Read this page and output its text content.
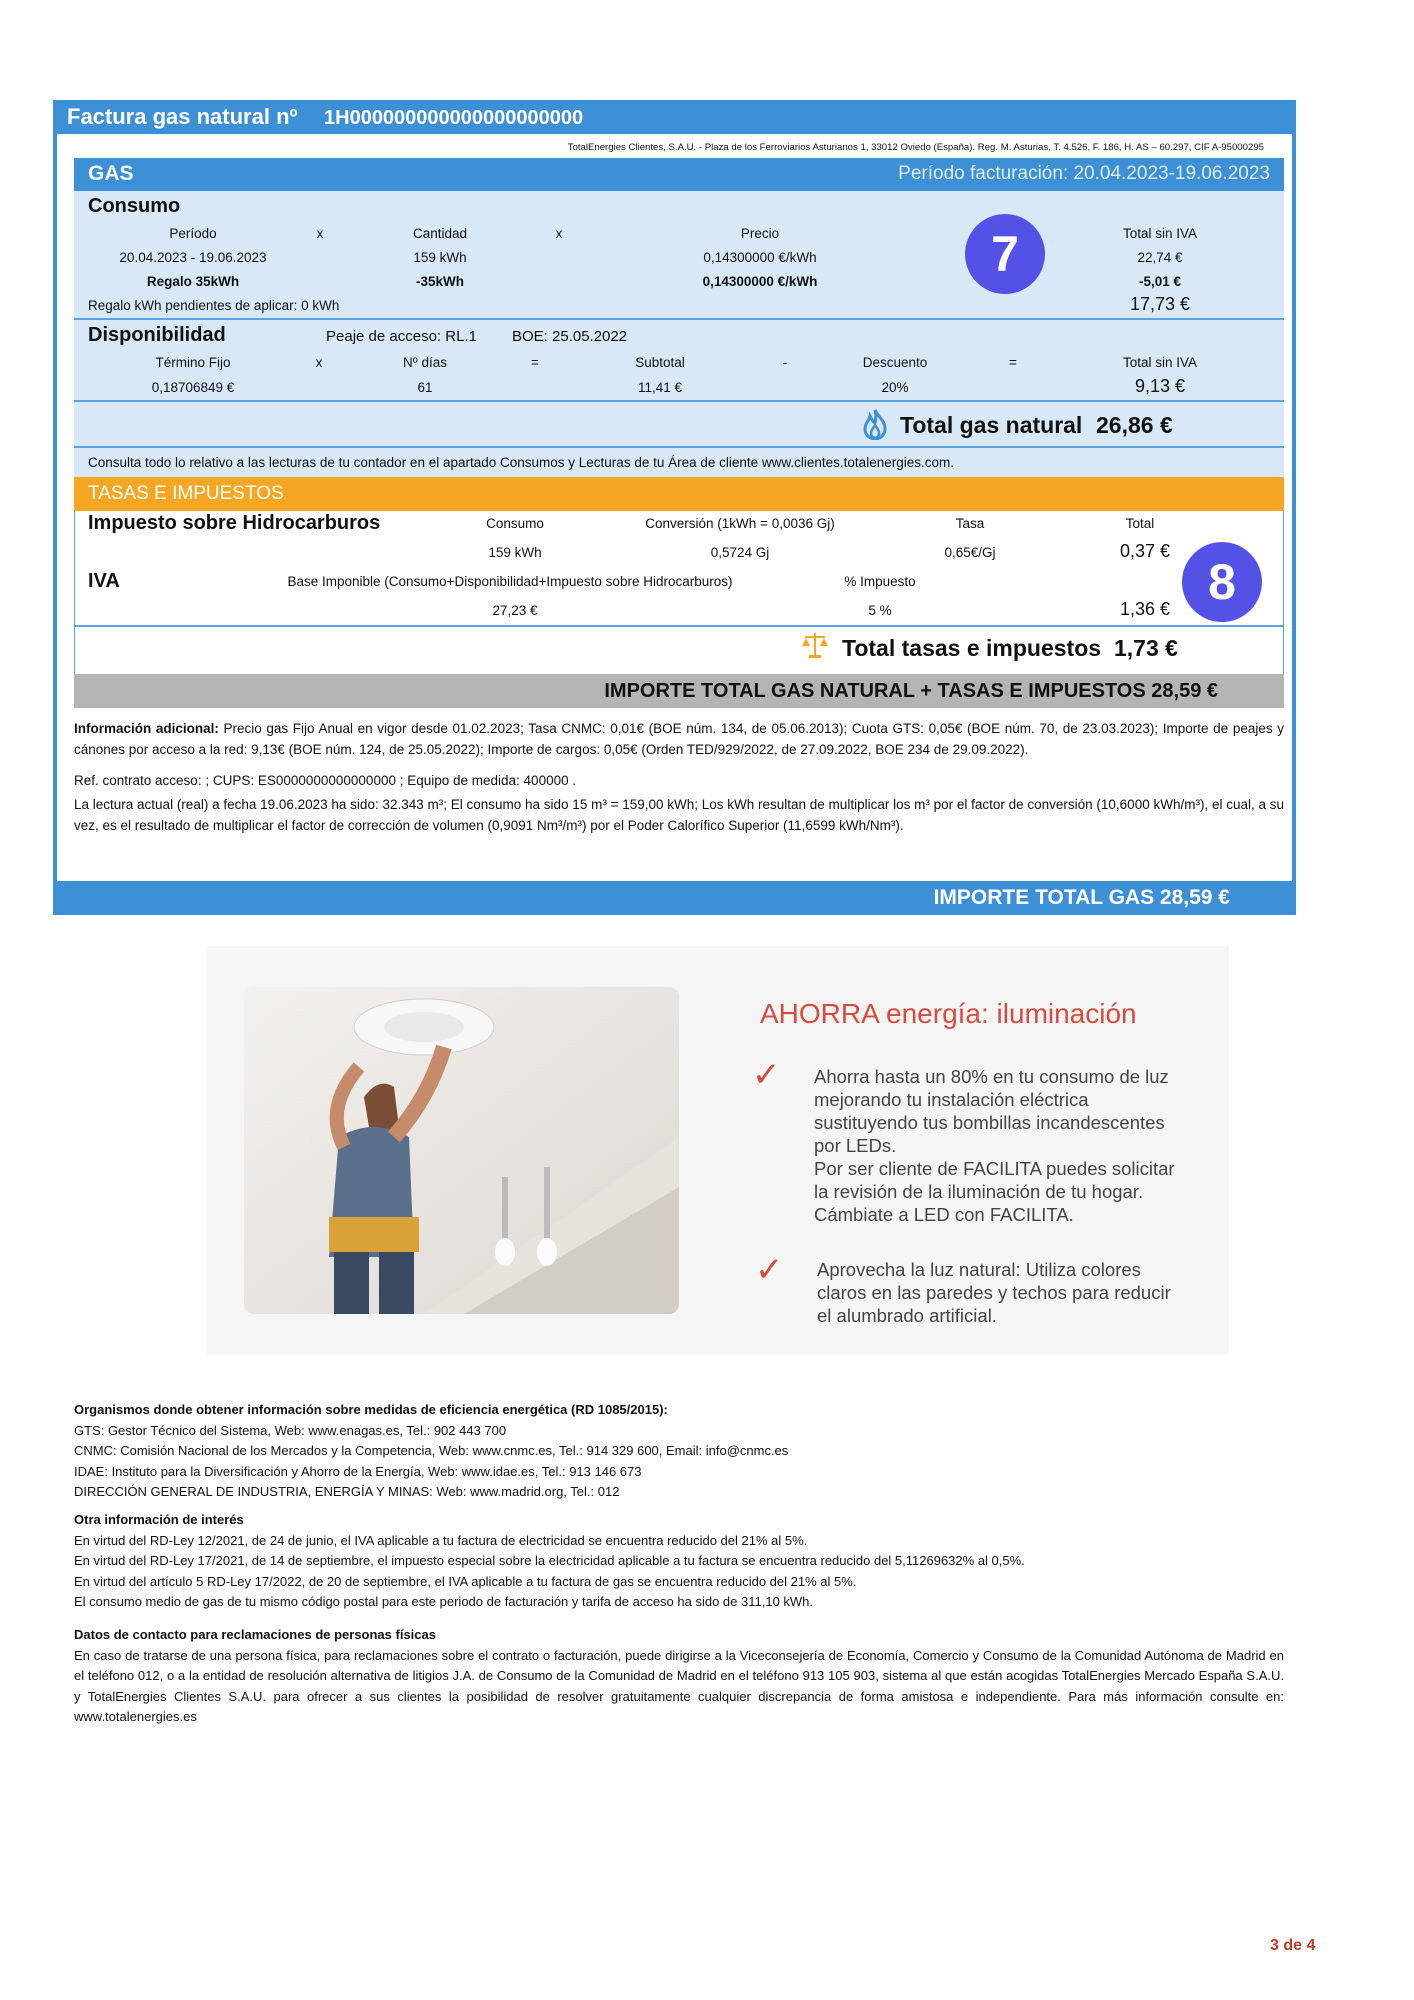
Factura gas natural nº 1H000000000000000000000
TotalEnergies Clientes, S.A.U. - Plaza de los Ferroviarios Asturianos 1, 33012 Oviedo (España). Reg. M. Asturias, T. 4.526, F. 186, H. AS – 60.297, CIF A-95000295
GAS	Período facturación: 20.04.2023-19.06.2023
Consumo
Período	x	Cantidad	x	Precio	Total sin IVA
20.04.2023 - 19.06.2023	159 kWh	0,14300000 €/kWh	22,74 €
Regalo 35kWh	-35kWh	0,14300000 €/kWh	-5,01 €
Regalo kWh pendientes de aplicar: 0 kWh	17,73 €
7
Disponibilidad	Peaje de acceso: RL.1 BOE: 25.05.2022
Término Fijo	x	Nº días	=	Subtotal	-	Descuento	=	Total sin IVA
0,18706849 €	61	11,41 €	20%	9,13 €
Total gas natural 26,86 €
Consulta todo lo relativo a las lecturas de tu contador en el apartado Consumos y Lecturas de tu Área de cliente www.clientes.totalenergies.com.
TASAS E IMPUESTOS
Impuesto sobre Hidrocarburos	Consumo	Conversión (1kWh = 0,0036 Gj)	Tasa	Total
159 kWh	0,5724 Gj	0,65€/Gj	0,37 €
IVA	Base Imponible (Consumo+Disponibilidad+Impuesto sobre Hidrocarburos)	% Impuesto
27,23 €	5 %	1,36 € 8
Total tasas e impuestos 1,73 €
IMPORTE TOTAL GAS NATURAL + TASAS E IMPUESTOS 28,59 €
Información adicional: Precio gas Fijo Anual en vigor desde 01.02.2023; Tasa CNMC: 0,01€ (BOE núm. 134, de 05.06.2013); Cuota GTS: 0,05€ (BOE núm. 70, de 23.03.2023); Importe de peajes y cánones por acceso a la red: 9,13€ (BOE núm. 124, de 25.05.2022); Importe de cargos: 0,05€ (Orden TED/929/2022, de 27.09.2022, BOE 234 de 29.09.2022).
Ref. contrato acceso: ; CUPS: ES0000000000000000 ; Equipo de medida: 400000 .
La lectura actual (real) a fecha 19.06.2023 ha sido: 32.343 m³; El consumo ha sido 15 m³ = 159,00 kWh; Los kWh resultan de multiplicar los m³ por el factor de conversión (10,6000 kWh/m³), el cual, a su vez, es el resultado de multiplicar el factor de corrección de volumen (0,9091 Nm³/m³) por el Poder Calorífico Superior (11,6599 kWh/Nm³).
IMPORTE TOTAL GAS 28,59 €
AHORRA energía: iluminación
✓ Ahorra hasta un 80% en tu consumo de luz
mejorando tu instalación eléctrica
sustituyendo tus bombillas incandescentes
por LEDs.
Por ser cliente de FACILITA puedes solicitar
la revisión de la iluminación de tu hogar.
Cámbiate a LED con FACILITA.
✓ Aprovecha la luz natural: Utiliza colores
claros en las paredes y techos para reducir
el alumbrado artificial.
Organismos donde obtener información sobre medidas de eficiencia energética (RD 1085/2015):
GTS: Gestor Técnico del Sistema, Web: www.enagas.es, Tel.: 902 443 700
CNMC: Comisión Nacional de los Mercados y la Competencia, Web: www.cnmc.es, Tel.: 914 329 600, Email: info@cnmc.es
IDAE: Instituto para la Diversificación y Ahorro de la Energía, Web: www.idae.es, Tel.: 913 146 673
DIRECCIÓN GENERAL DE INDUSTRIA, ENERGÍA Y MINAS: Web: www.madrid.org, Tel.: 012
Otra información de interés
En virtud del RD-Ley 12/2021, de 24 de junio, el IVA aplicable a tu factura de electricidad se encuentra reducido del 21% al 5%.
En virtud del RD-Ley 17/2021, de 14 de septiembre, el impuesto especial sobre la electricidad aplicable a tu factura se encuentra reducido del 5,11269632% al 0,5%.
En virtud del artículo 5 RD-Ley 17/2022, de 20 de septiembre, el IVA aplicable a tu factura de gas se encuentra reducido del 21% al 5%.
El consumo medio de gas de tu mismo código postal para este periodo de facturación y tarifa de acceso ha sido de 311,10 kWh.
Datos de contacto para reclamaciones de personas físicas
En caso de tratarse de una persona física, para reclamaciones sobre el contrato o facturación, puede dirigirse a la Viceconsejería de Economía, Comercio y Consumo de la Comunidad Autónoma de Madrid en el teléfono 012, o a la entidad de resolución alternativa de litigios J.A. de Consumo de la Comunidad de Madrid en el teléfono 913 105 903, sistema al que están acogidas TotalEnergies Mercado España S.A.U. y TotalEnergies Clientes S.A.U. para ofrecer a sus clientes la posibilidad de resolver gratuitamente cualquier discrepancia de forma amistosa e independiente. Para más información consulte en: www.totalenergies.es
3 de 4
